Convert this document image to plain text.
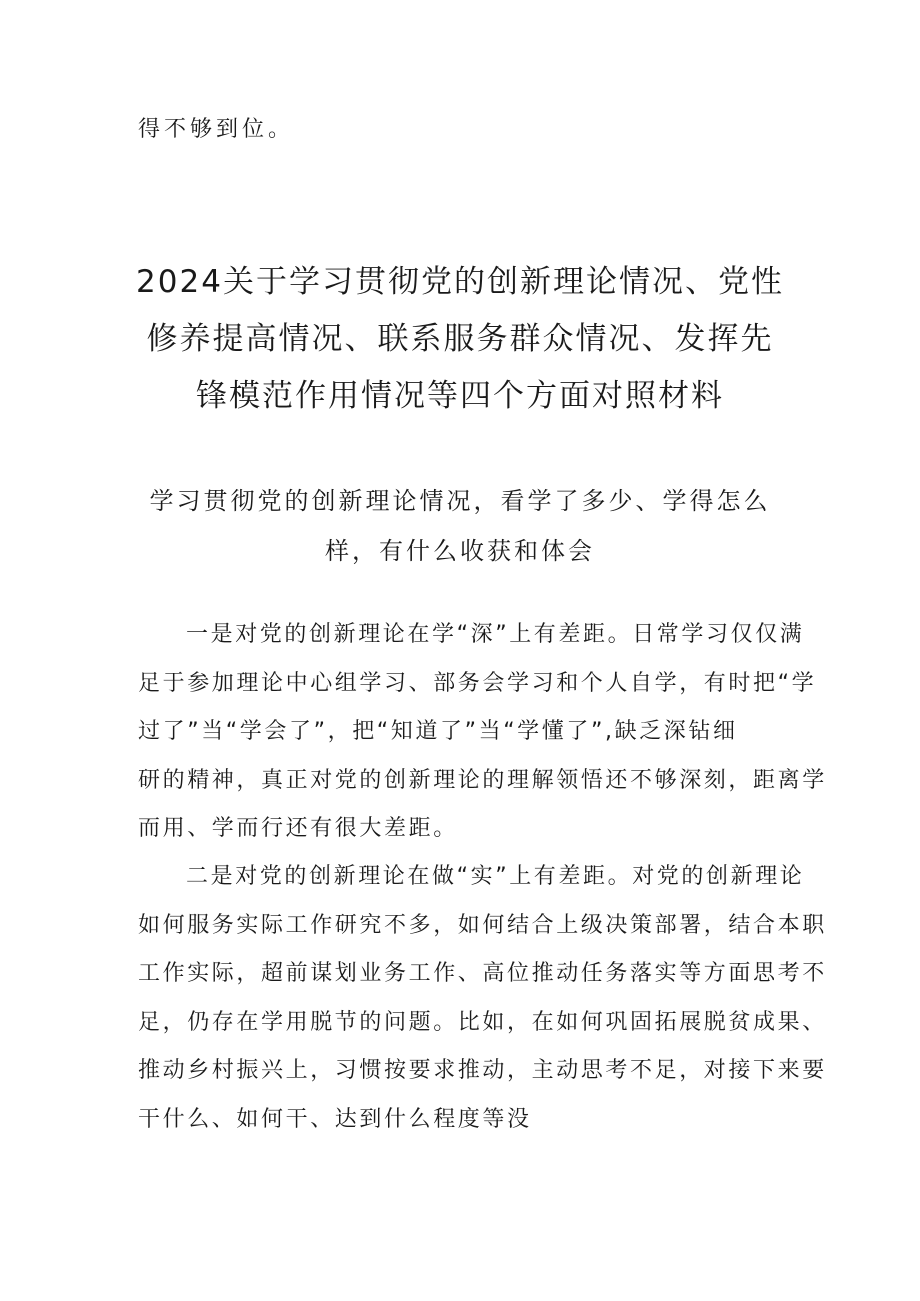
得不够到位。
2024关于学习贯彻党的创新理论情况、党性
修养提高情况、联系服务群众情况、发挥先
锋模范作用情况等四个方面对照材料
学习贯彻党的创新理论情况，看学了多少、学得怎么
样，有什么收获和体会
一是对党的创新理论在学“深”上有差距。日常学习仅仅满
足于参加理论中心组学习、部务会学习和个人自学，有时把“学
过了”当“学会了”，把“知道了”当“学懂了”,缺乏深钻细
研的精神，真正对党的创新理论的理解领悟还不够深刻，距离学
而用、学而行还有很大差距。
二是对党的创新理论在做“实”上有差距。对党的创新理论
如何服务实际工作研究不多，如何结合上级决策部署，结合本职
工作实际，超前谋划业务工作、高位推动任务落实等方面思考不
足，仍存在学用脱节的问题。比如，在如何巩固拓展脱贫成果、
推动乡村振兴上，习惯按要求推动，主动思考不足，对接下来要
干什么、如何干、达到什么程度等没
